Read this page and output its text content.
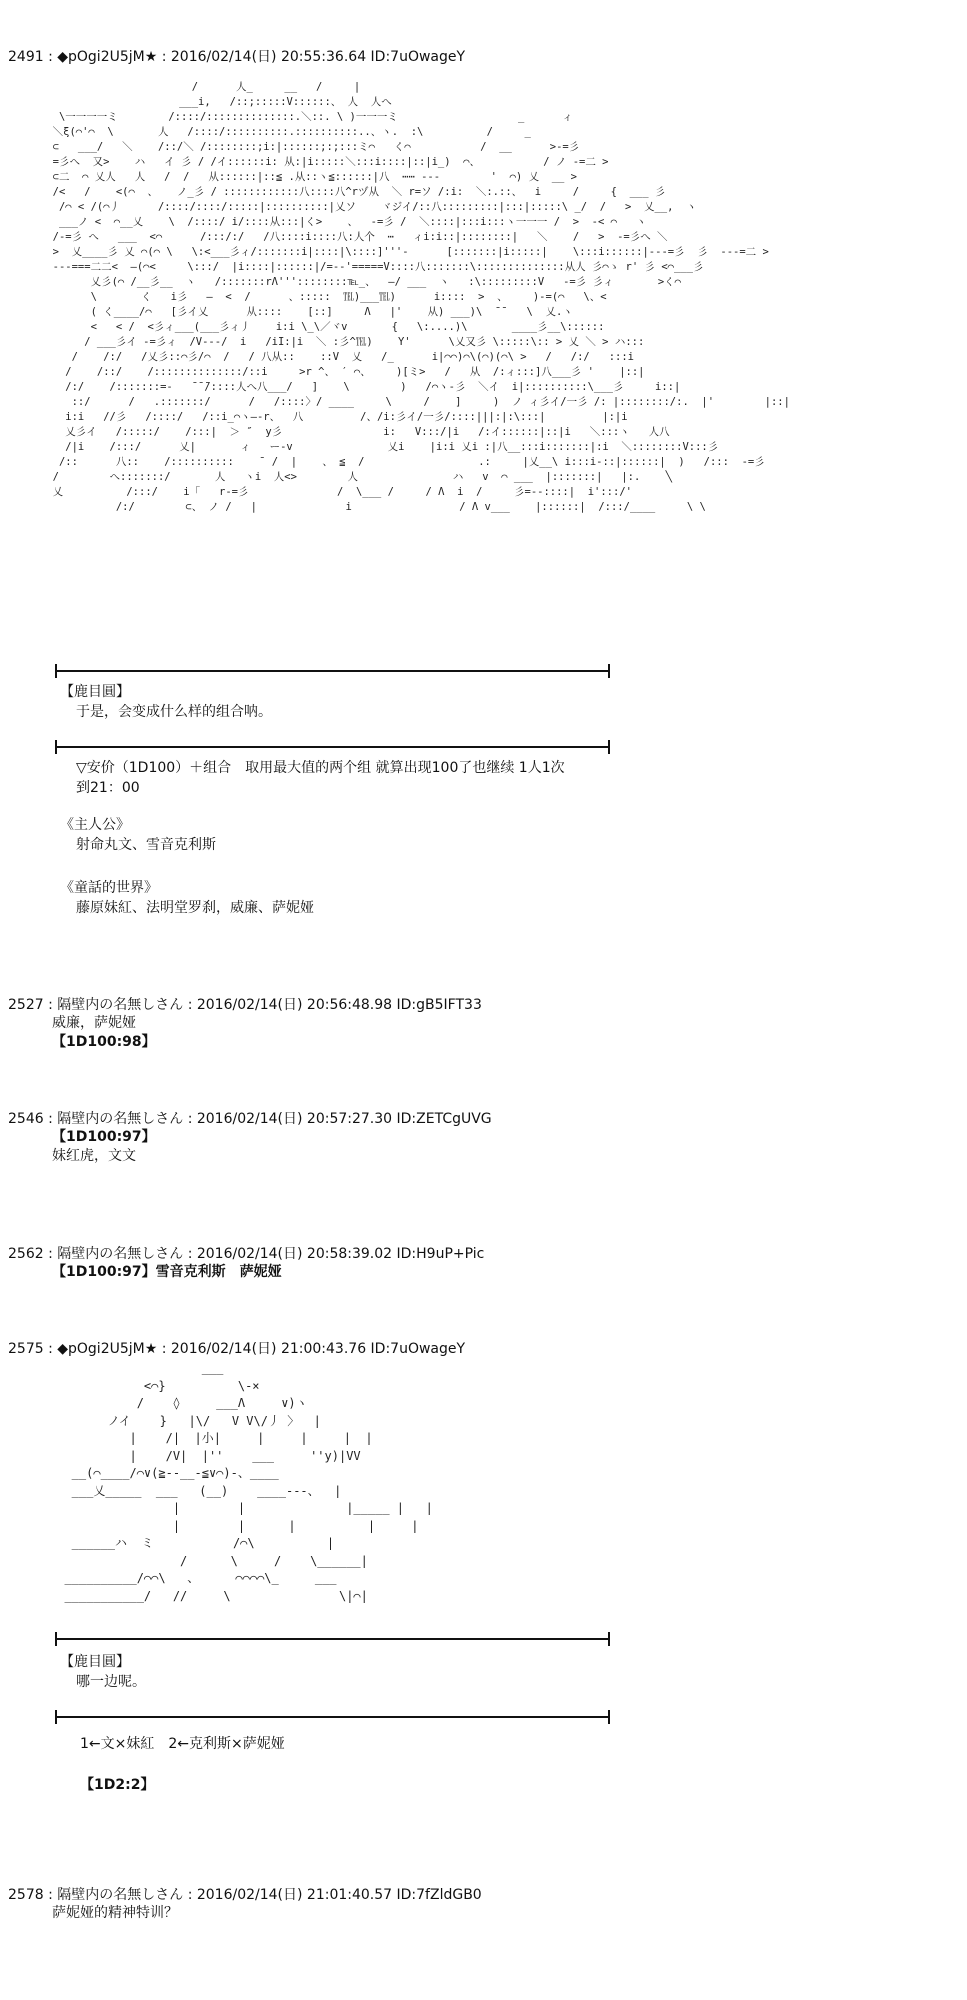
2491 : ◆pOgi2U5jM★ : 2016/02/14(日) 20:55:36.64 ID:7uOwageY
/      人_     __   /     |
___i,   /::;:::::V::::::、 人  人へ
\一一一一ミ        /::::/::::::::::::::.＼::. \ )一一一ミ                   _      ィ
＼ξ(⌒'⌒  \       人   /::::/::::::::::.::::::::::..、ヽ.  :\          /     _
⊂   ___/   ＼    /::/＼ /::::::::;i:|::::::;:;:::ミ⌒   く⌒           /  __      >-=彡
=彡へ  又>    ハ   イ 彡 / /イ::::::i: 从:|i:::::＼:::i::::|::|i_)  ⌒、          / ノ -=二 >
⊂二  ⌒ 乂人   人   /  /   从::::::|::≦ .从::ヽ≦::::::|八  ⋯⋯ ---        '  ⌒) 乂  __ >
/<   /    <(⌒  、   ノ_彡 / ::::::::::::八::::八^rヅ从  ＼ r=ソ /:i:  ＼:.::、  i     /     {  ___ 彡
/⌒ < /(⌒丿      /::::/::::/:::::|::::::::::|乂ソ    ヾジイ/::八:::::::::|:::|:::::\ _/  /   >  乂__,  ヽ
___ノ <  ⌒__乂    \  /::::/ i/::::从:::|く>    、  -=彡 /  ＼::::|:::i:::ヽ一一一 /  >  -< ⌒   ヽ
/-=彡 へ   ___  <⌒      /:::/:/   /八::::i::::八:人个  ⋯   ィi:i::|::::::::|   ＼    /   >  -=彡へ ＼
>  乂____彡 乂 ⌒(⌒ \   \:<___彡ィ/:::::::i|::::|\::::]'''-      [:::::::|i:::::|    \:::i::::::|---=彡  彡  ---=二 >
---===二二<  ―(⌒<     \:::/  |i::::|::::::|/=--'=====V::::八:::::::\::::::::::::::从人 彡⌒ゝ r' 彡 <⌒___彡
乂彡(⌒ /__彡__  ヽ   /:::::::rΛ'''::::::::℡_、  ―/ ___  ヽ   :\:::::::::V   -=彡 彡ィ       >く⌒
\       く   i彡   ―  <  /      、:::::  ℡)___℡)      i::::  >  、    )-=(⌒   \、<
( く____/⌒   [彡イ乂      从::::    [::]     Λ   |'    从) ___)\  ̄ ̄    \  乂.ヽ
<   < /  <彡ィ___(___彡ィ丿    i:i \_\／ヾv       {   \:....)\       ____彡__\::::::
/ ___彡イ -=彡ィ  /V---/  i   /iI:|i  ＼ :彡^℡)    Y'      \乂又彡 \:::::\:: > 乂 ＼ > ハ:::
/    /:/   /乂彡::⌒彡/⌒  /   / 八从::    ::V  乂   /_      i|⌒⌒)⌒\(⌒)(⌒\ >   /   /:/   :::i
/    /::/    /::::::::::::::/::i     >r ^、 ′ ⌒、    )[ミ>   /   从  /:ィ:::]八___彡 '    |::|
/:/    /:::::::=-   ̄ ̄ ̄/::::人へ八___/   ]    \        )   /⌒ヽ-彡  ＼イ  i|::::::::::\___彡     i::|
::/      /   .:::::::/      /   /::::〉/ ____     \     /    ]     )  ノ ィ彡イ/一彡 /: |::::::::/:.  |'        |::|
i:i   //彡   /::::/   /::i_⌒ヽ―-r、  八         /、/i:彡イ/一彡/::::|||:|:\:::|         |:|i
乂彡イ   /:::::/    /:::|  ＞ ″  y彡                i:   V:::/|i   /:イ::::::|::|i   ＼:::ヽ   人八
/|i    /:::/      乂|       ィ   ー-v               乂i    |i:i 乂i :|八__:::i:::::::|:i  ＼::::::::V:::彡
/::      八::    /::::::::::    ̄  /  |    、 ≦  /                  .:     |乂__\ i:::i-::|::::::|  )   /:::  -=彡
/        へ:::::::/       人   ヽi  人<>        人               ハ   v  ⌒ ___  |:::::::|   |:.    ╲
乂          /:::/    i「   r-=彡              /  \___ /     / Λ  i  /     彡=--::::|  i':::/'
/:/        ⊂、 ノ /   |              i                 / Λ v___    |::::::|  /:::/____     \ \
【鹿目圓】
于是，会变成什么样的组合呐。
▽安价（1D100）＋组合　取用最大值的两个组 就算出现100了也继续 1人1次
到21：00
《主人公》
射命丸文、雪音克利斯
《童話的世界》
藤原妹紅、法明堂罗刹，威廉、萨妮娅
2527 : 隔壁内の名無しさん : 2016/02/14(日) 20:56:48.98 ID:gB5IFT33
威廉，萨妮娅
【1D100:98】
2546 : 隔壁内の名無しさん : 2016/02/14(日) 20:57:27.30 ID:ZETCgUVG
【1D100:97】
妹红虎，文文
2562 : 隔壁内の名無しさん : 2016/02/14(日) 20:58:39.02 ID:H9uP+Pic
【1D100:97】雪音克利斯　萨妮娅
2575 : ◆pOgi2U5jM★ : 2016/02/14(日) 21:00:43.76 ID:7uOwageY
___
<⌒}          \-×
/    ◊     ___Λ     ∨)ヽ
ノイ    }   |\/   V V\/丿 〉  |
|    /|  |小|     |     |     |  |
|    /V|  |''    ___     ''y)|VV
__(⌒____/⌒∨(≧-‐__‐≦∨⌒)-、____
___乂_____  ___   (__)    ____---、  |
|        |              |_____ |   |
|        |      |          |     |
______ハ  ミ           /⌒\          |
/      \     /    \______|
__________/⌒⌒\   、     ⌒⌒⌒⌒\_     ___
___________/   //     \               \|⌒|
【鹿目圓】
哪一边呢。
1←文×妹紅　2←克利斯×萨妮娅
【1D2:2】
2578 : 隔壁内の名無しさん : 2016/02/14(日) 21:01:40.57 ID:7fZldGB0
萨妮娅的精神特训？
